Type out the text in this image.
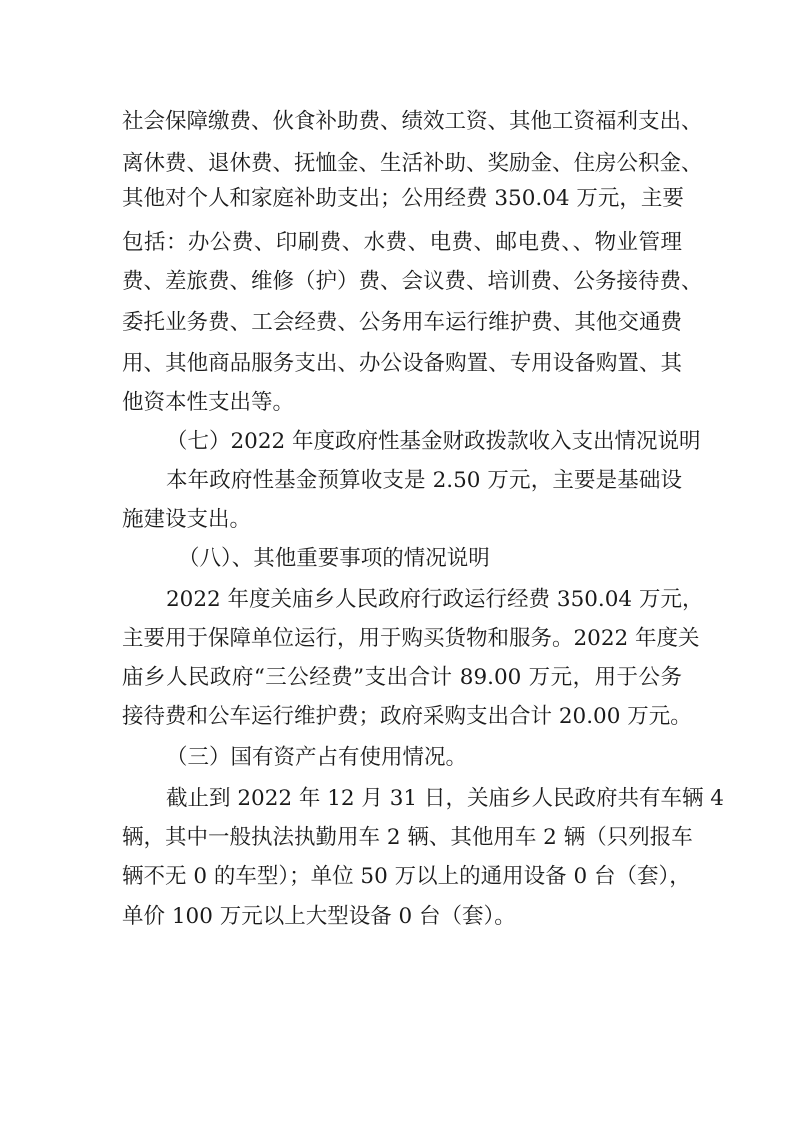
社会保障缴费、伙食补助费、绩效工资、其他工资福利支出、
离休费、退休费、抚恤金、生活补助、奖励金、住房公积金、
其他对个人和家庭补助支出；公用经费 350.04 万元，主要
包括：办公费、印刷费、水费、电费、邮电费、、物业管理
费、差旅费、维修（护）费、会议费、培训费、公务接待费、
委托业务费、工会经费、公务用车运行维护费、其他交通费
用、其他商品服务支出、办公设备购置、专用设备购置、其
他资本性支出等。
（七）2022 年度政府性基金财政拨款收入支出情况说明
本年政府性基金预算收支是 2.50 万元，主要是基础设
施建设支出。
（八）、其他重要事项的情况说明
2022 年度关庙乡人民政府行政运行经费 350.04 万元，
主要用于保障单位运行，用于购买货物和服务。2022 年度关
庙乡人民政府“三公经费”支出合计 89.00 万元，用于公务
接待费和公车运行维护费；政府采购支出合计 20.00 万元。
（三）国有资产占有使用情况。
截止到 2022 年 12 月 31 日，关庙乡人民政府共有车辆 4
辆，其中一般执法执勤用车 2 辆、其他用车 2 辆（只列报车
辆不无 0 的车型）；单位 50 万以上的通用设备 0 台（套），
单价 100 万元以上大型设备 0 台（套）。
